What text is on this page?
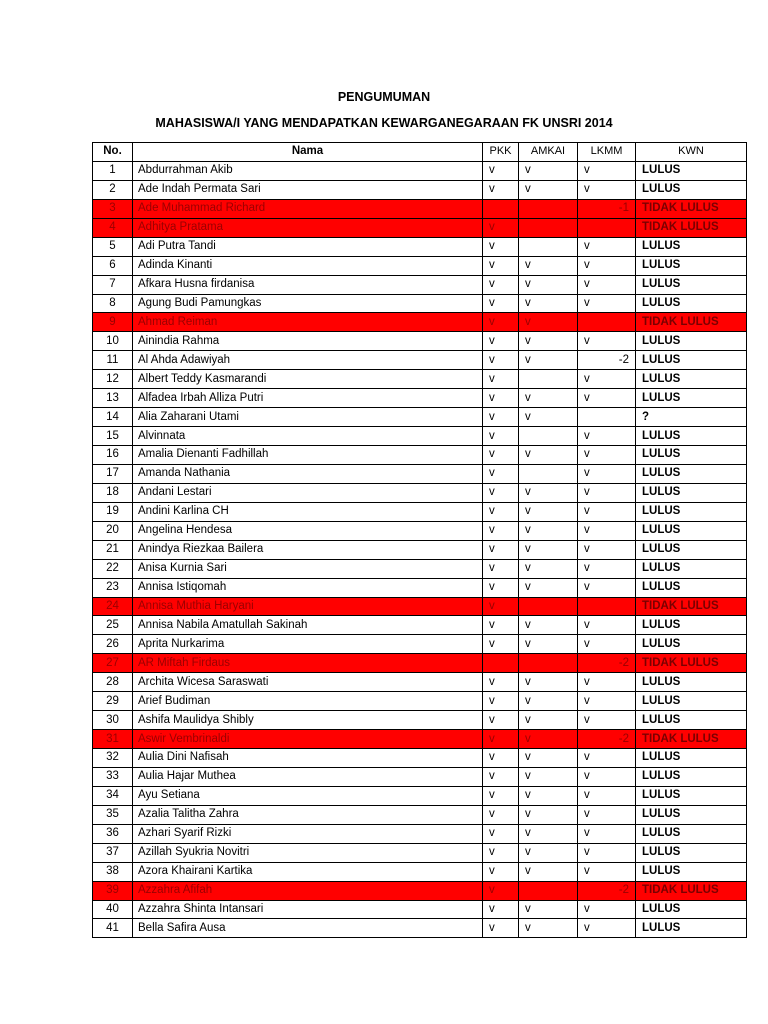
PENGUMUMAN
MAHASISWA/I YANG MENDAPATKAN KEWARGANEGARAAN FK UNSRI 2014
No.	Nama	PKK	AMKAI	LKMM	KWN
1	Abdurrahman Akib	v	v	v	LULUS
2	Ade Indah Permata Sari	v	v	v	LULUS
3	Ade Muhammad Richard			-1	TIDAK LULUS
4	Adhitya Pratama	v			TIDAK LULUS
5	Adi Putra Tandi	v		v	LULUS
6	Adinda Kinanti	v	v	v	LULUS
7	Afkara Husna firdanisa	v	v	v	LULUS
8	Agung Budi Pamungkas	v	v	v	LULUS
9	Ahmad Reiman	v	v		TIDAK LULUS
10	Ainindia Rahma	v	v	v	LULUS
11	Al Ahda Adawiyah	v	v	-2	LULUS
12	Albert Teddy Kasmarandi	v		v	LULUS
13	Alfadea Irbah Alliza Putri	v	v	v	LULUS
14	Alia Zaharani Utami	v	v		?
15	Alvinnata	v		v	LULUS
16	Amalia Dienanti Fadhillah	v	v	v	LULUS
17	Amanda Nathania	v		v	LULUS
18	Andani Lestari	v	v	v	LULUS
19	Andini Karlina CH	v	v	v	LULUS
20	Angelina Hendesa	v	v	v	LULUS
21	Anindya Riezkaa Bailera	v	v	v	LULUS
22	Anisa Kurnia Sari	v	v	v	LULUS
23	Annisa Istiqomah	v	v	v	LULUS
24	Annisa Muthia Haryani	v			TIDAK LULUS
25	Annisa Nabila Amatullah Sakinah	v	v	v	LULUS
26	Aprita Nurkarima	v	v	v	LULUS
27	AR Miftah Firdaus			-2	TIDAK LULUS
28	Archita Wicesa Saraswati	v	v	v	LULUS
29	Arief Budiman	v	v	v	LULUS
30	Ashifa Maulidya Shibly	v	v	v	LULUS
31	Aswir Vembrinaldi	v	v	-2	TIDAK LULUS
32	Aulia Dini Nafisah	v	v	v	LULUS
33	Aulia Hajar Muthea	v	v	v	LULUS
34	Ayu Setiana	v	v	v	LULUS
35	Azalia Talitha Zahra	v	v	v	LULUS
36	Azhari Syarif Rizki	v	v	v	LULUS
37	Azillah Syukria Novitri	v	v	v	LULUS
38	Azora Khairani Kartika	v	v	v	LULUS
39	Azzahra Afifah	v		-2	TIDAK LULUS
40	Azzahra Shinta Intansari	v	v	v	LULUS
41	Bella Safira Ausa	v	v	v	LULUS
